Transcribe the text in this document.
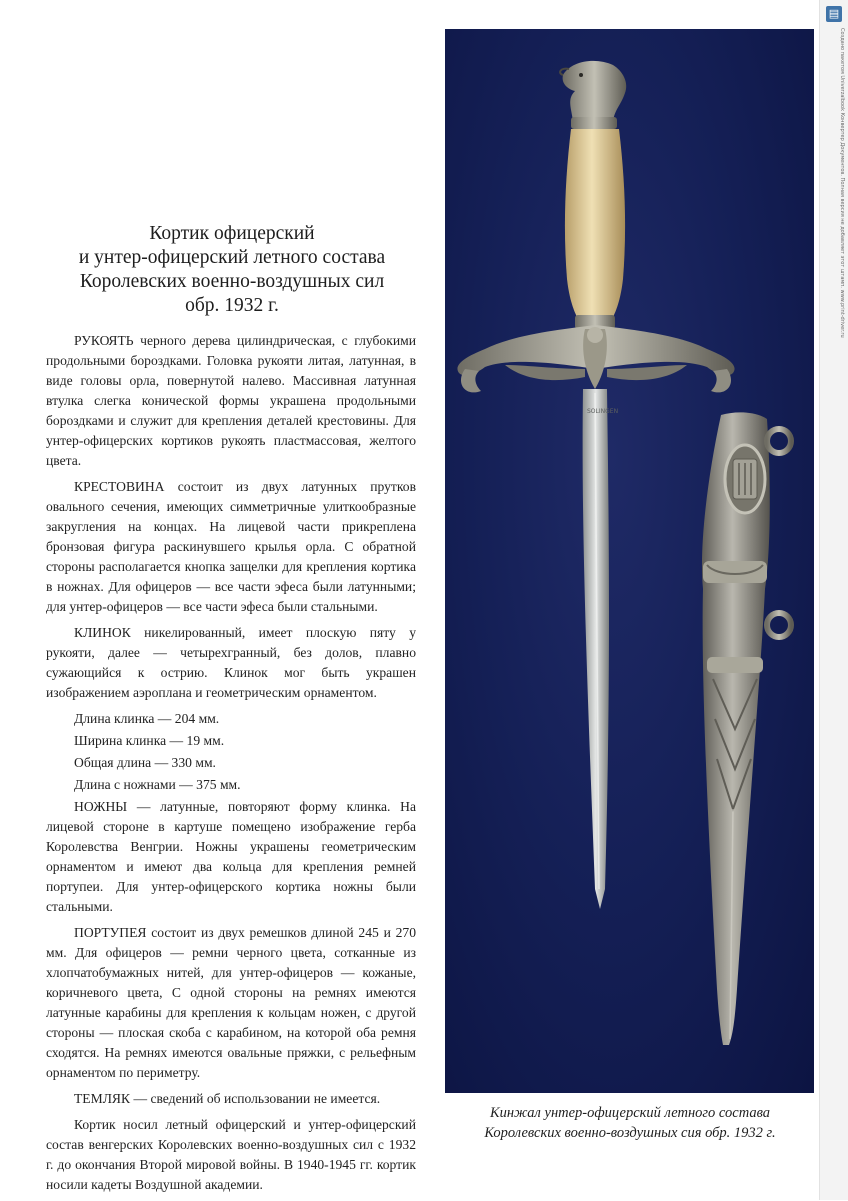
Кортик офицерский
и унтер-офицерский летного состава
Королевских военно-воздушных сил
обр. 1932 г.

РУКОЯТЬ черного дерева цилиндрическая, с глубокими продольными бороздками. Головка рукояти литая, латунная, в виде головы орла, повернутой налево. Массивная латунная втулка слегка конической формы украшена продольными бороздками и служит для крепления деталей крестовины. Для унтер-офицерских кортиков рукоять пластмассовая, желтого цвета.

КРЕСТОВИНА состоит из двух латунных прутков овального сечения, имеющих симметричные улиткообразные закругления на концах. На лицевой части прикреплена бронзовая фигура раскинувшего крылья орла. С обратной стороны располагается кнопка защелки для крепления кортика в ножнах. Для офицеров — все части эфеса были латунными; для унтер-офицеров — все части эфеса были стальными.

КЛИНОК никелированный, имеет плоскую пяту у рукояти, далее — четырехгранный, без долов, плавно сужающийся к острию. Клинок мог быть украшен изображением аэроплана и геометрическим орнаментом.

Длина клинка — 204 мм.

Ширина клинка — 19 мм.

Общая длина — 330 мм.

Длина с ножнами — 375 мм.

НОЖНЫ — латунные, повторяют форму клинка. На лицевой стороне в картуше помещено изображение герба Королевства Венгрии. Ножны украшены геометрическим орнаментом и имеют два кольца для крепления ремней портупеи. Для унтер-офицерского кортика ножны были стальными.

ПОРТУПЕЯ состоит из двух ремешков длиной 245 и 270 мм. Для офицеров — ремни черного цвета, сотканные из хлопчатобумажных нитей, для унтер-офицеров — кожаные, коричневого цвета, С одной стороны на ремнях имеются латунные карабины для крепления к кольцам ножен, с другой стороны — плоская скоба с карабином, на которой оба ремня сходятся. На ремнях имеются овальные пряжки, с рельефным орнаментом по периметру.

ТЕМЛЯК — сведений об использовании не имеется.

Кортик носил летный офицерский и унтер-офицерский состав венгерских Королевских военно-воздушных сил с 1932 г. до окончания Второй мировой войны. В 1940-1945 гг. кортик носили кадеты Воздушной академии.

SOLINGEN
Кинжал унтер-офицерский летного состава
Королевских военно-воздушных сия обр. 1932 г.
▤
Создано пакетом Univerzalbook Конвертер Документов. Полная версия не добавляет этот штамп. www.print-driver.ru
